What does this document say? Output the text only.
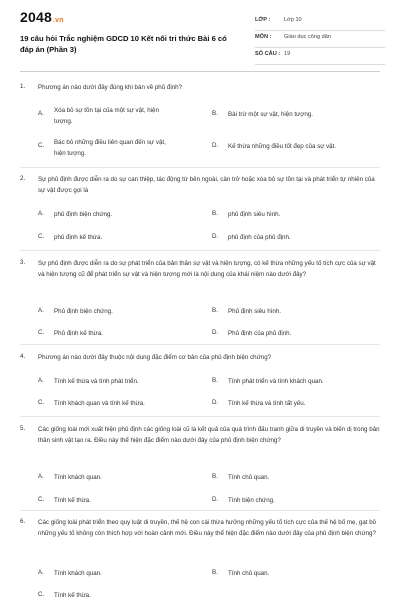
2048.vn
19 câu hỏi Trắc nghiệm GDCD 10 Kết nối tri thức Bài 6 có đáp án (Phần 3)
LỚP : Lớp 10
MÔN : Giáo dục công dân
SỐ CÂU : 19
1. Phương án nào dưới đây đúng khi bàn về phủ định?
A. Xóa bỏ sự tồn tại của một sự vật, hiện tượng.
B. Bài trừ một sự vật, hiện tượng.
C. Bác bỏ những điều liên quan đến sự vật, hiện tượng.
D. Kế thừa những điều tốt đẹp của sự vật.
2. Sự phủ định được diễn ra do sự can thiệp, tác động từ bên ngoài, cản trở hoặc xóa bỏ sự tồn tại và phát triển tự nhiên của sự vật được gọi là
A. phủ định biện chứng.	B. phủ định siêu hình.
C. phủ định kế thừa.	D. phủ định của phủ định.
3. Sự phủ định được diễn ra do sự phát triển của bản thân sự vật và hiện tượng, có kế thừa những yếu tố tích cực của sự vật và hiện tượng cũ để phát triển sự vật và hiện tượng mới là nội dung của khái niệm nào dưới đây?
A. Phủ định biện chứng.	B. Phủ định siêu hình.
C. Phủ định kế thừa.	D. Phủ định của phủ định.
4. Phương án nào dưới đây thuộc nội dung đặc điểm cơ bản của phủ định biện chứng?
A. Tính kế thừa và tính phát triển.	B. Tính phát triển và tính khách quan.
C. Tính khách quan và tính kế thừa.	D. Tính kế thừa và tính tất yếu.
5. Các giống loài mới xuất hiện phủ định các giống loài cũ là kết quả của quá trình đấu tranh giữa di truyền và biến dị trong bản thân sinh vật tạo ra. Điều này thể hiện đặc điểm nào dưới đây của phủ định biện chứng?
A. Tính khách quan.	B. Tính chủ quan.
C. Tính kế thừa.	D. Tính biện chứng.
6. Các giống loài phát triển theo quy luật di truyền, thế hệ con cái thừa hưởng những yếu tố tích cực của thế hệ bố mẹ, gạt bỏ những yếu tố không còn thích hợp với hoàn cảnh mới. Điều này thể hiện đặc điểm nào dưới đây của phủ định biện chứng?
A. Tính khách quan.	B. Tính chủ quan.
C. Tính kế thừa.
